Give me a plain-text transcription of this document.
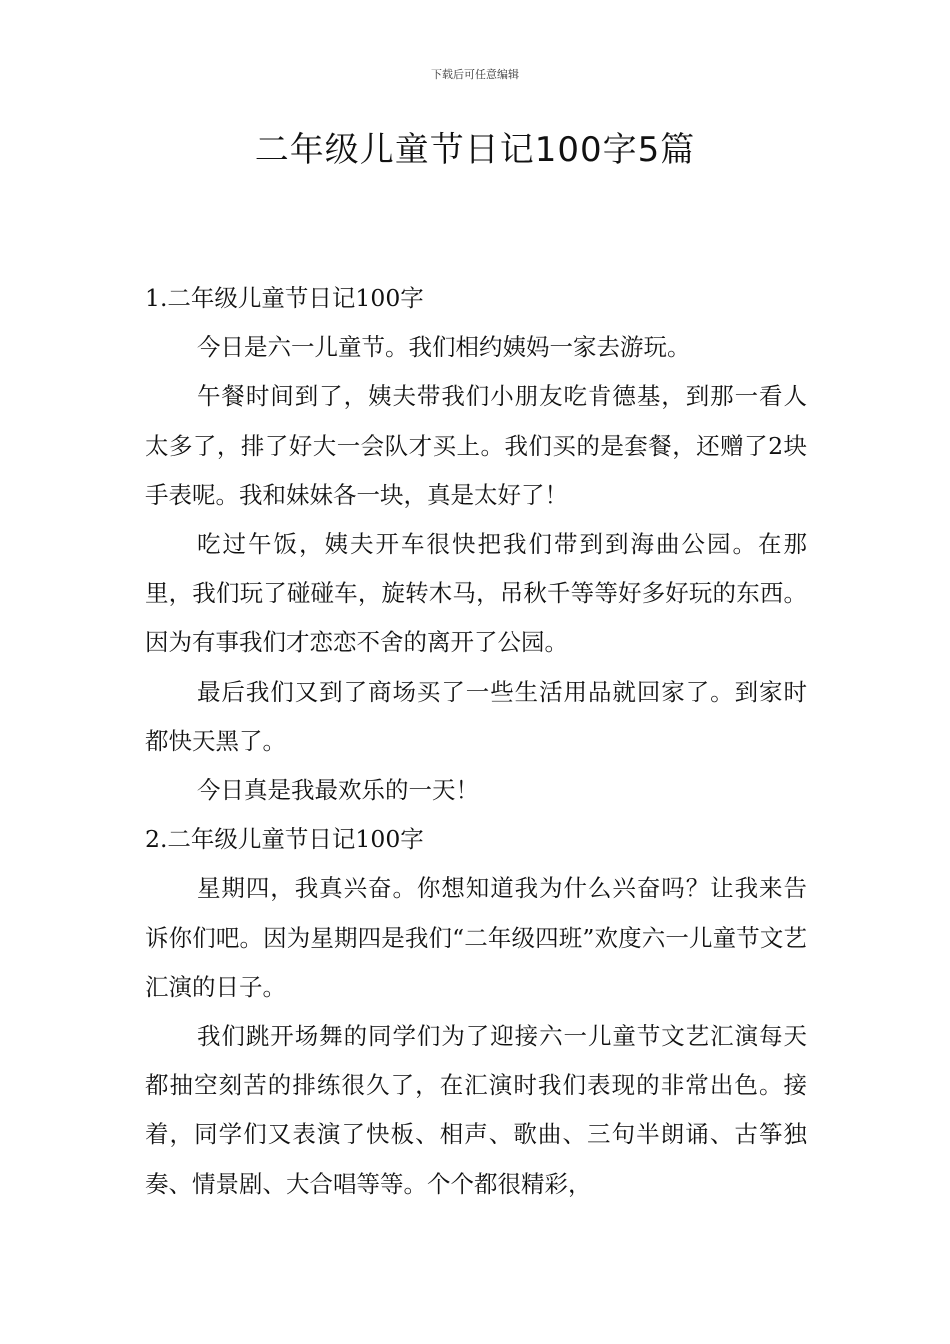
下载后可任意编辑
二年级儿童节日记100字5篇

1.二年级儿童节日记100字

今日是六一儿童节。我们相约姨妈一家去游玩。

午餐时间到了，姨夫带我们小朋友吃肯德基，到那一看人太多了，排了好大一会队才买上。我们买的是套餐，还赠了2块手表呢。我和妹妹各一块，真是太好了！

吃过午饭，姨夫开车很快把我们带到到海曲公园。在那里，我们玩了碰碰车，旋转木马，吊秋千等等好多好玩的东西。因为有事我们才恋恋不舍的离开了公园。

最后我们又到了商场买了一些生活用品就回家了。到家时都快天黑了。

今日真是我最欢乐的一天！

2.二年级儿童节日记100字

星期四，我真兴奋。你想知道我为什么兴奋吗？让我来告诉你们吧。因为星期四是我们“二年级四班”欢度六一儿童节文艺汇演的日子。

我们跳开场舞的同学们为了迎接六一儿童节文艺汇演每天都抽空刻苦的排练很久了，在汇演时我们表现的非常出色。接着，同学们又表演了快板、相声、歌曲、三句半朗诵、古筝独奏、情景剧、大合唱等等。个个都很精彩，
